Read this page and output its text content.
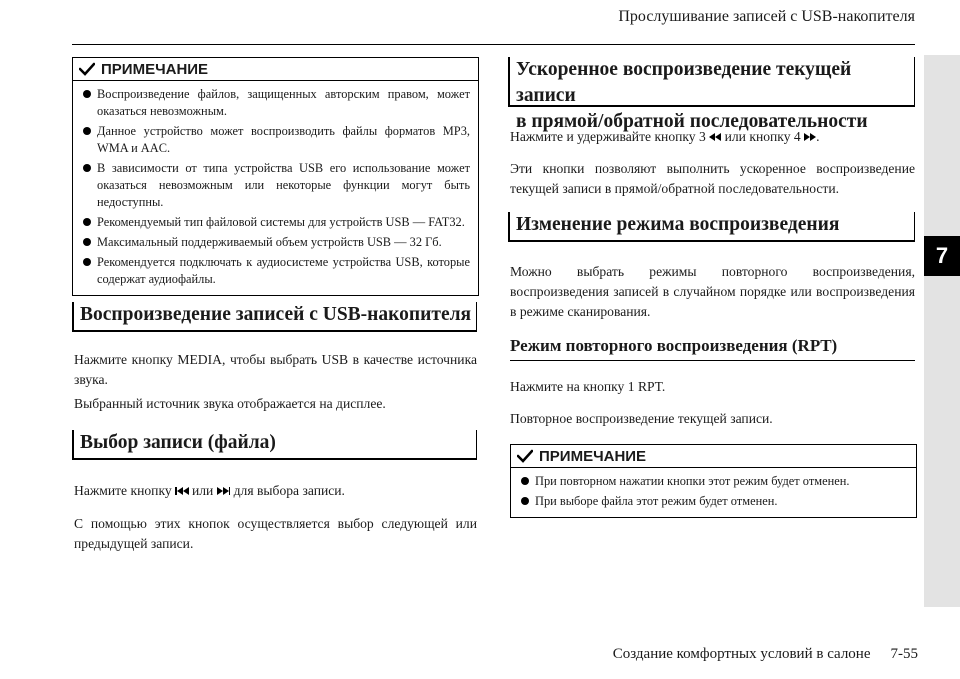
Прослушивание записей с USB-накопителя
7
ПРИМЕЧАНИЕ
Воспроизведение файлов, защищенных авторским правом, может оказаться невозможным.
Данное устройство может воспроизводить файлы форматов MP3, WMA и AAC.
В зависимости от типа устройства USB его использование может оказаться невозможным или некоторые функции могут быть недоступны.
Рекомендуемый тип файловой системы для устройств USB — FAT32.
Максимальный поддерживаемый объем устройств USB — 32 Гб.
Рекомендуется подключать к аудиосистеме устройства USB, которые содержат аудиофайлы.
Воспроизведение записей с USB-накопителя
Нажмите кнопку MEDIA, чтобы выбрать USB в качестве источника звука.
Выбранный источник звука отображается на дисплее.
Выбор записи (файла)
Нажмите кнопку или для выбора записи.
С помощью этих кнопок осуществляется выбор следующей или предыдущей записи.
Ускоренное воспроизведение текущей записи
в прямой/обратной последовательности
Нажмите и удерживайте кнопку 3 или кнопку 4 .
Эти кнопки позволяют выполнить ускоренное воспроизведение текущей записи в прямой/обратной последовательности.
Изменение режима воспроизведения
Можно выбрать режимы повторного воспроизведения, воспроизведения записей в случайном порядке или воспроизведения в режиме сканирования.
Режим повторного воспроизведения (RPT)
Нажмите на кнопку 1 RPT.
Повторное воспроизведение текущей записи.
ПРИМЕЧАНИЕ
При повторном нажатии кнопки этот режим будет отменен.
При выборе файла этот режим будет отменен.
Создание комфортных условий в салоне 7-55
